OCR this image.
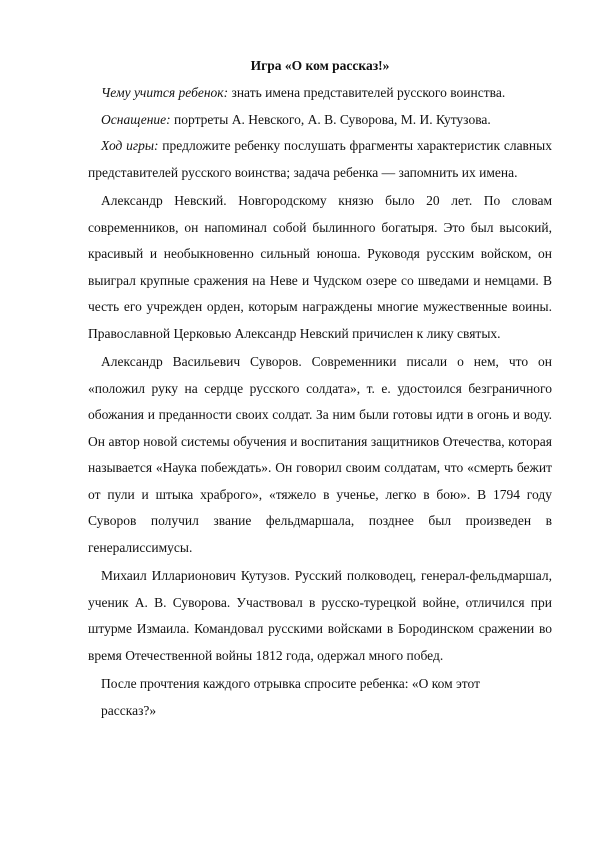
Игра «О ком рассказ!»

Чему учится ребенок: знать имена представителей русского воинства.

Оснащение: портреты А. Невского, А. В. Суворова, М. И. Кутузова.

Ход игры: предложите ребенку послушать фрагменты характеристик славных представителей русского воинства; задача ребенка — запомнить их имена.

Александр Невский. Новгородскому князю было 20 лет. По словам современников, он напоминал собой былинного богатыря. Это был высокий, красивый и необыкновенно сильный юноша. Руководя русским войском, он выиграл крупные сражения на Неве и Чудском озере со шведами и немцами. В честь его учрежден орден, которым награждены многие мужественные воины. Православной Церковью Александр Невский причислен к лику святых.

Александр Васильевич Суворов. Современники писали о нем, что он «положил руку на сердце русского солдата», т. е. удостоился безграничного обожания и преданности своих солдат. За ним были готовы идти в огонь и воду. Он автор новой системы обучения и воспитания защитников Отечества, которая называется «Наука побеждать». Он говорил своим солдатам, что «смерть бежит от пули и штыка храброго», «тяжело в ученье, легко в бою». В 1794 году Суворов получил звание фельдмаршала, позднее был произведен в генералиссимусы.

Михаил Илларионович Кутузов. Русский полководец, генерал-фельдмаршал, ученик А. В. Суворова. Участвовал в русско-турецкой войне, отличился при штурме Измаила. Командовал русскими войсками в Бородинском сражении во время Отечественной войны 1812 года, одержал много побед.

После прочтения каждого отрывка спросите ребенка: «О ком этот рассказ?»
